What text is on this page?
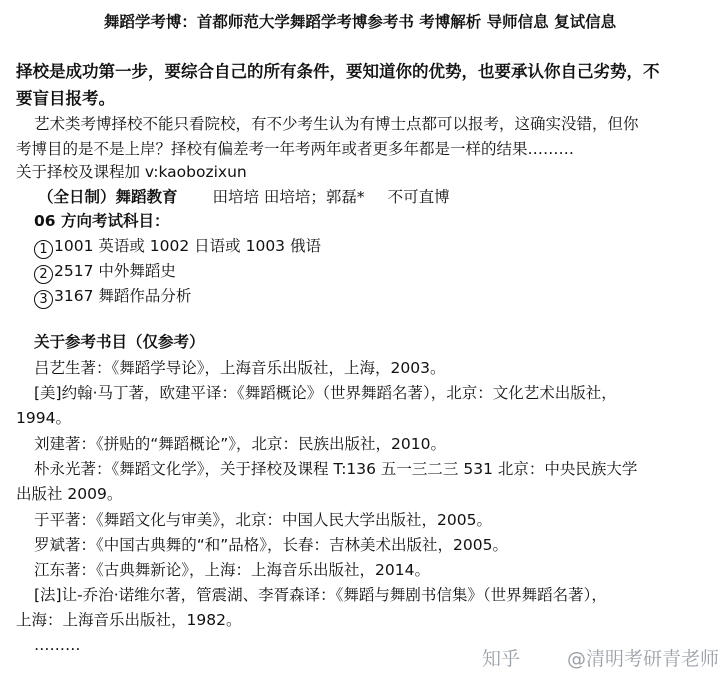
舞蹈学考博：首都师范大学舞蹈学考博参考书 考博解析 导师信息 复试信息
择校是成功第一步，要综合自己的所有条件，要知道你的优势，也要承认你自己劣势，不
要盲目报考。
艺术类考博择校不能只看院校，有不少考生认为有博士点都可以报考，这确实没错，但你
考博目的是不是上岸？择校有偏差考一年考两年或者更多年都是一样的结果………
关于择校及课程加 v:kaobozixun
（全日制）舞蹈教育 田培培 田培培；郭磊* 不可直博
06 方向考试科目：
1 1001 英语或 1002 日语或 1003 俄语
2 2517 中外舞蹈史
3 3167 舞蹈作品分析
关于参考书目（仅参考）
吕艺生著：《舞蹈学导论》，上海音乐出版社，上海，2003。
[美]约翰·马丁著，欧建平译：《舞蹈概论》（世界舞蹈名著），北京：文化艺术出版社，
1994。
刘建著：《拼贴的“舞蹈概论”》，北京：民族出版社，2010。
朴永光著：《舞蹈文化学》，关于择校及课程 T:136 五一三二三 531 北京：中央民族大学
出版社 2009。
于平著：《舞蹈文化与审美》，北京：中国人民大学出版社，2005。
罗斌著：《中国古典舞的“和”品格》，长春：吉林美术出版社，2005。
江东著：《古典舞新论》，上海：上海音乐出版社，2014。
[法]让-乔治·诺维尔著，管震湖、李胥森译：《舞蹈与舞剧书信集》（世界舞蹈名著），
上海：上海音乐出版社，1982。
………
知乎 @清明考研青老师
